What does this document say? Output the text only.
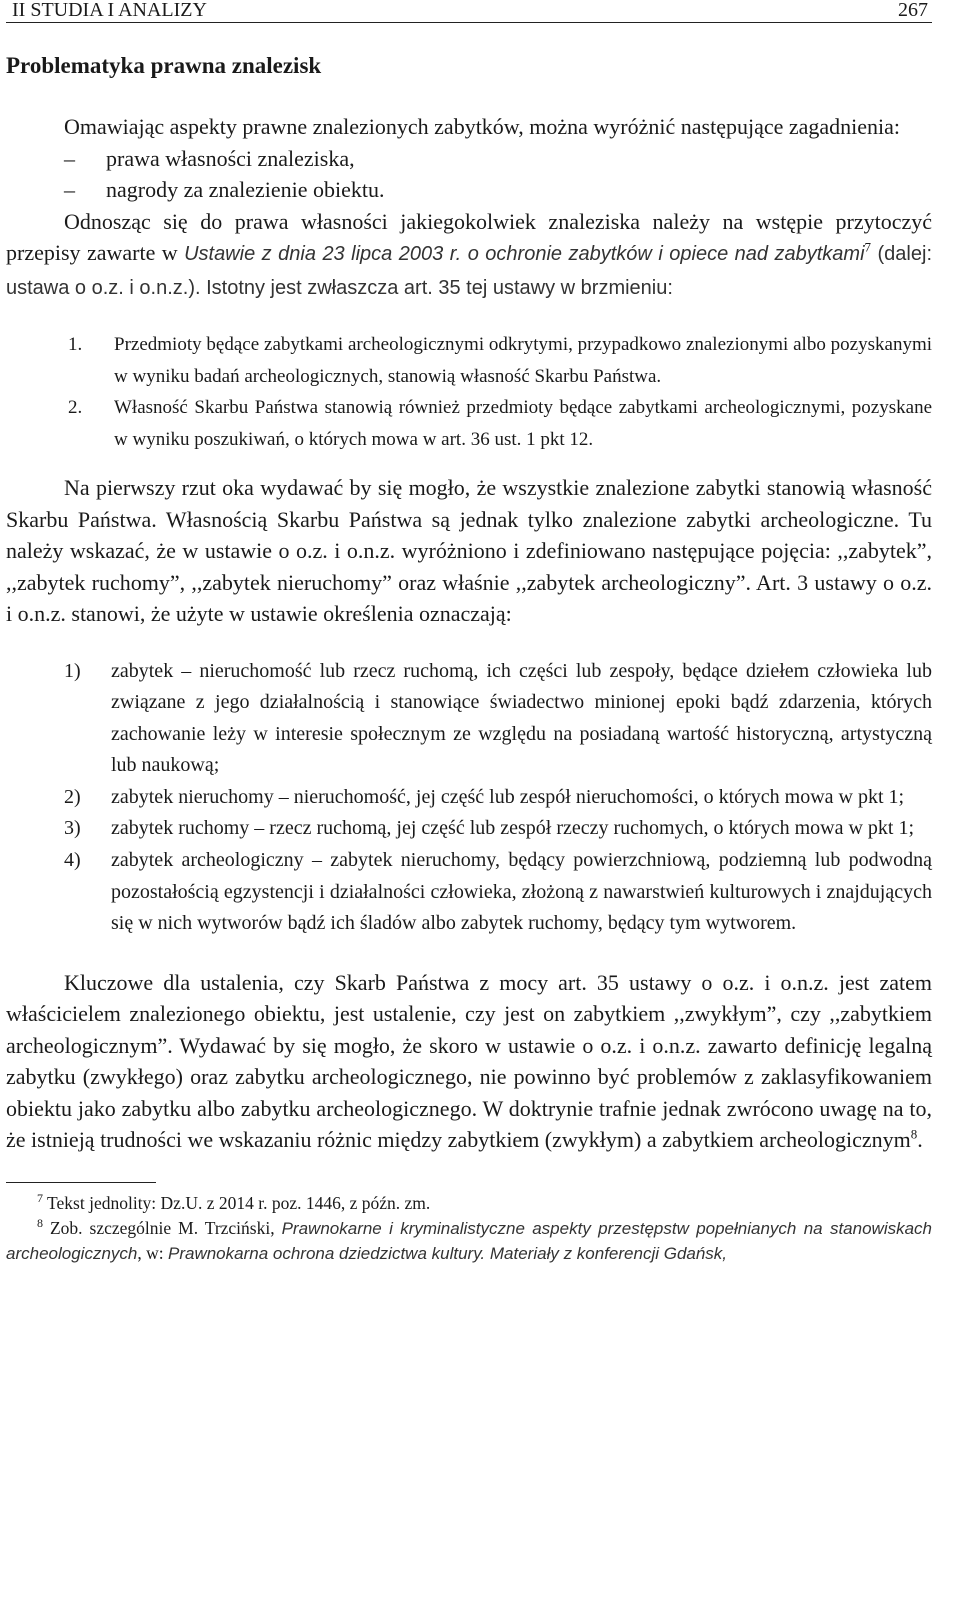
II STUDIA I ANALIZY	267
Problematyka prawna znalezisk

Omawiając aspekty prawne znalezionych zabytków, można wyróżnić następujące zagadnienia:

– prawa własności znaleziska,
– nagrody za znalezienie obiektu.

Odnosząc się do prawa własności jakiegokolwiek znaleziska należy na wstępie przytoczyć przepisy zawarte w Ustawie z dnia 23 lipca 2003 r. o ochronie zabytków i opiece nad zabytkami$^7$ (dalej: ustawa o o.z. i o.n.z.). Istotny jest zwłaszcza art. 35 tej ustawy w brzmieniu:

1. Przedmioty będące zabytkami archeologicznymi odkrytymi, przypadkowo znalezionymi albo pozyskanymi w wyniku badań archeologicznych, stanowią własność Skarbu Państwa.

2. Własność Skarbu Państwa stanowią również przedmioty będące zabytkami archeologicznymi, pozyskane w wyniku poszukiwań, o których mowa w art. 36 ust. 1 pkt 12.

Na pierwszy rzut oka wydawać by się mogło, że wszystkie znalezione zabytki stanowią własność Skarbu Państwa. Własnością Skarbu Państwa są jednak tylko znalezione zabytki archeologiczne. Tu należy wskazać, że w ustawie o o.z. i o.n.z. wyróżniono i zdefiniowano następujące pojęcia: ,,zabytek”, ,,zabytek ruchomy”, ,,zabytek nieruchomy” oraz właśnie ,,zabytek archeologiczny”. Art. 3 ustawy o o.z. i o.n.z. stanowi, że użyte w ustawie określenia oznaczają:

1) zabytek – nieruchomość lub rzecz ruchomą, ich części lub zespoły, będące dziełem człowieka lub związane z jego działalnością i stanowiące świadectwo minionej epoki bądź zdarzenia, których zachowanie leży w interesie społecznym ze względu na posiadaną wartość historyczną, artystyczną lub naukową;

2) zabytek nieruchomy – nieruchomość, jej część lub zespół nieruchomości, o których mowa w pkt 1;

3) zabytek ruchomy – rzecz ruchomą, jej część lub zespół rzeczy ruchomych, o których mowa w pkt 1;

4) zabytek archeologiczny – zabytek nieruchomy, będący powierzchniową, podziemną lub podwodną pozostałością egzystencji i działalności człowieka, złożoną z nawarstwień kulturowych i znajdujących się w nich wytworów bądź ich śladów albo zabytek ruchomy, będący tym wytworem.

Kluczowe dla ustalenia, czy Skarb Państwa z mocy art. 35 ustawy o o.z. i o.n.z. jest zatem właścicielem znalezionego obiektu, jest ustalenie, czy jest on zabytkiem ,,zwykłym”, czy ,,zabytkiem archeologicznym”. Wydawać by się mogło, że skoro w ustawie o o.z. i o.n.z. zawarto definicję legalną zabytku (zwykłego) oraz zabytku archeologicznego, nie powinno być problemów z zaklasyfikowaniem obiektu jako zabytku albo zabytku archeologicznego. W doktrynie trafnie jednak zwrócono uwagę na to, że istnieją trudności we wskazaniu różnic między zabytkiem (zwykłym) a zabytkiem archeologicznym$^8$.

$^7$ Tekst jednolity: Dz.U. z 2014 r. poz. 1446, z późn. zm.

$^8$ Zob. szczególnie M. Trzciński, Prawnokarne i kryminalistyczne aspekty przestępstw popełnianych na stanowiskach archeologicznych, w: Prawnokarna ochrona dziedzictwa kultury. Materiały z konferencji Gdańsk,
